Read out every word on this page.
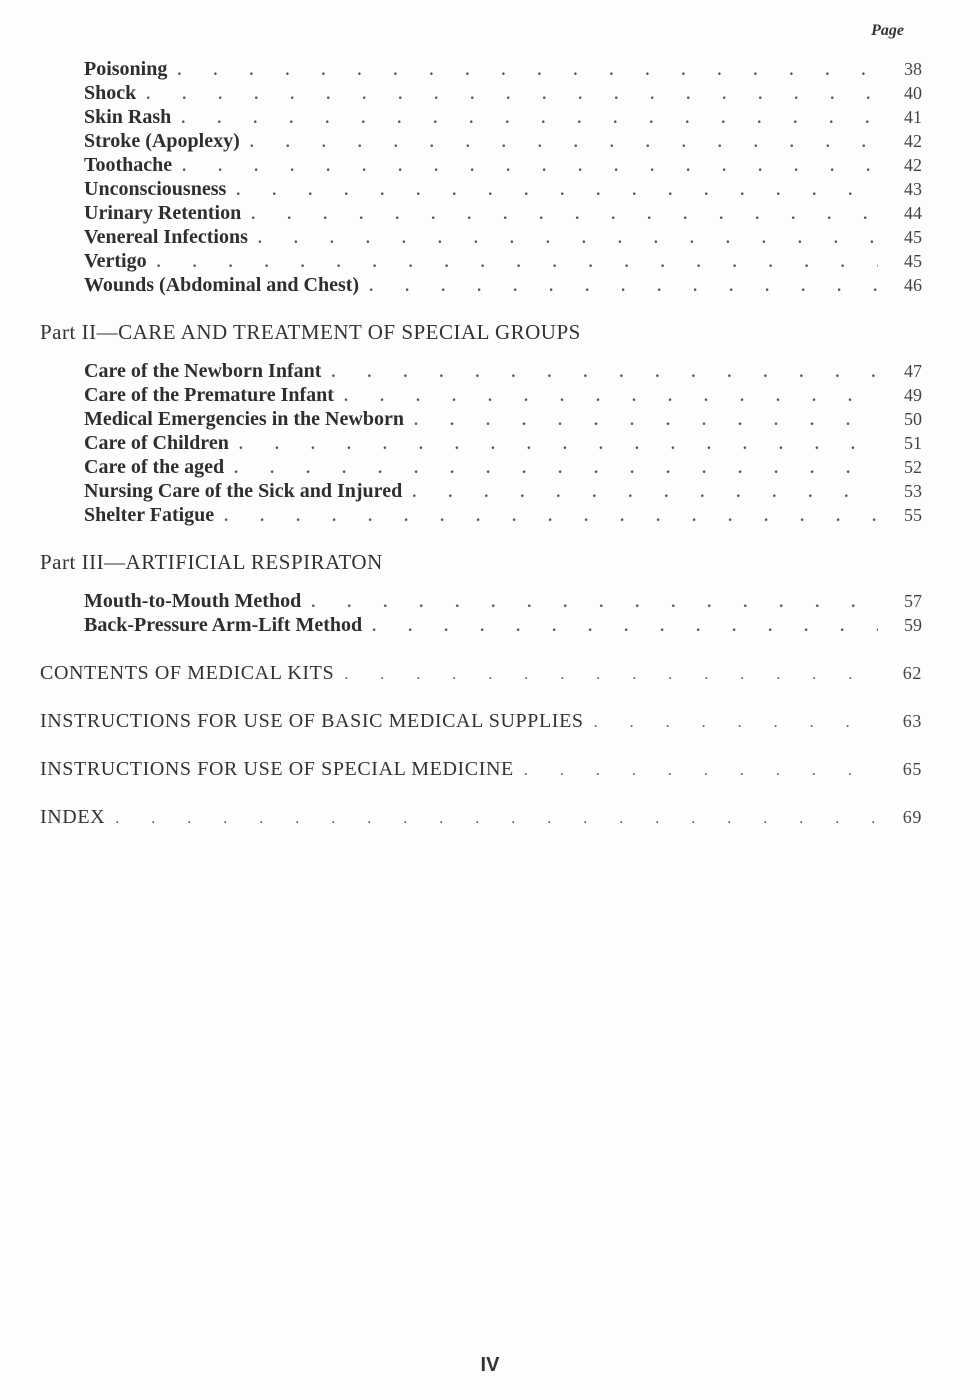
Page
Poisoning . . .	38
Shock . . .	40
Skin Rash . . .	41
Stroke (Apoplexy) . . .	42
Toothache . . .	42
Unconsciousness . . .	43
Urinary Retention . . .	44
Venereal Infections . . .	45
Vertigo . . .	45
Wounds (Abdominal and Chest) . . .	46
Part II—CARE AND TREATMENT OF SPECIAL GROUPS
Care of the Newborn Infant . . .	47
Care of the Premature Infant . . .	49
Medical Emergencies in the Newborn . . .	50
Care of Children . . .	51
Care of the aged . . .	52
Nursing Care of the Sick and Injured . . .	53
Shelter Fatigue . . .	55
Part III—ARTIFICIAL RESPIRATON
Mouth-to-Mouth Method . . .	57
Back-Pressure Arm-Lift Method . . .	59
CONTENTS OF MEDICAL KITS . . .	62
INSTRUCTIONS FOR USE OF BASIC MEDICAL SUPPLIES . . .	63
INSTRUCTIONS FOR USE OF SPECIAL MEDICINE . . .	65
INDEX . . .	69
IV
